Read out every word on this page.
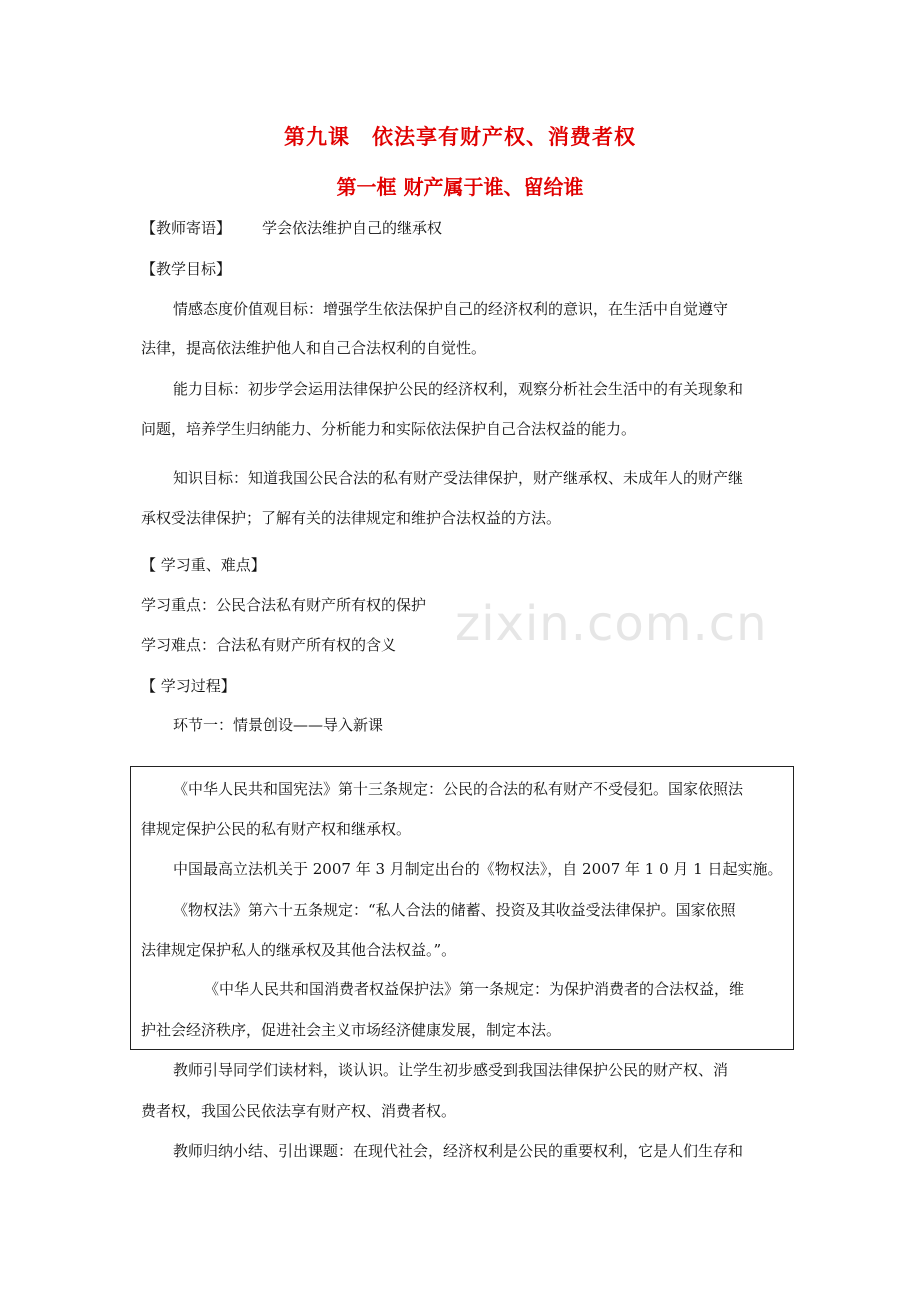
zixin.com.cn
第九课　依法享有财产权、消费者权
第一框 财产属于谁、留给谁
【教师寄语】 学会依法维护自己的继承权
【教学目标】
情感态度价值观目标：增强学生依法保护自己的经济权利的意识，在生活中自觉遵守
法律，提高依法维护他人和自己合法权利的自觉性。
能力目标：初步学会运用法律保护公民的经济权利，观察分析社会生活中的有关现象和
问题，培养学生归纳能力、分析能力和实际依法保护自己合法权益的能力。
知识目标：知道我国公民合法的私有财产受法律保护，财产继承权、未成年人的财产继
承权受法律保护；了解有关的法律规定和维护合法权益的方法。
【 学习重、难点】
学习重点：公民合法私有财产所有权的保护
学习难点：合法私有财产所有权的含义
【 学习过程】
环节一：情景创设——导入新课
《中华人民共和国宪法》第十三条规定：公民的合法的私有财产不受侵犯。国家依照法
律规定保护公民的私有财产权和继承权。
中国最高立法机关于 2007 年 3 月制定出台的《物权法》，自 2007 年 1 0 月 1 日起实施。
《物权法》第六十五条规定：“私人合法的储蓄、投资及其收益受法律保护。国家依照
法律规定保护私人的继承权及其他合法权益。”。
《中华人民共和国消费者权益保护法》第一条规定：为保护消费者的合法权益，维
护社会经济秩序，促进社会主义市场经济健康发展，制定本法。
教师引导同学们读材料，谈认识。让学生初步感受到我国法律保护公民的财产权、消
费者权，我国公民依法享有财产权、消费者权。
教师归纳小结、引出课题：在现代社会，经济权利是公民的重要权利，它是人们生存和
